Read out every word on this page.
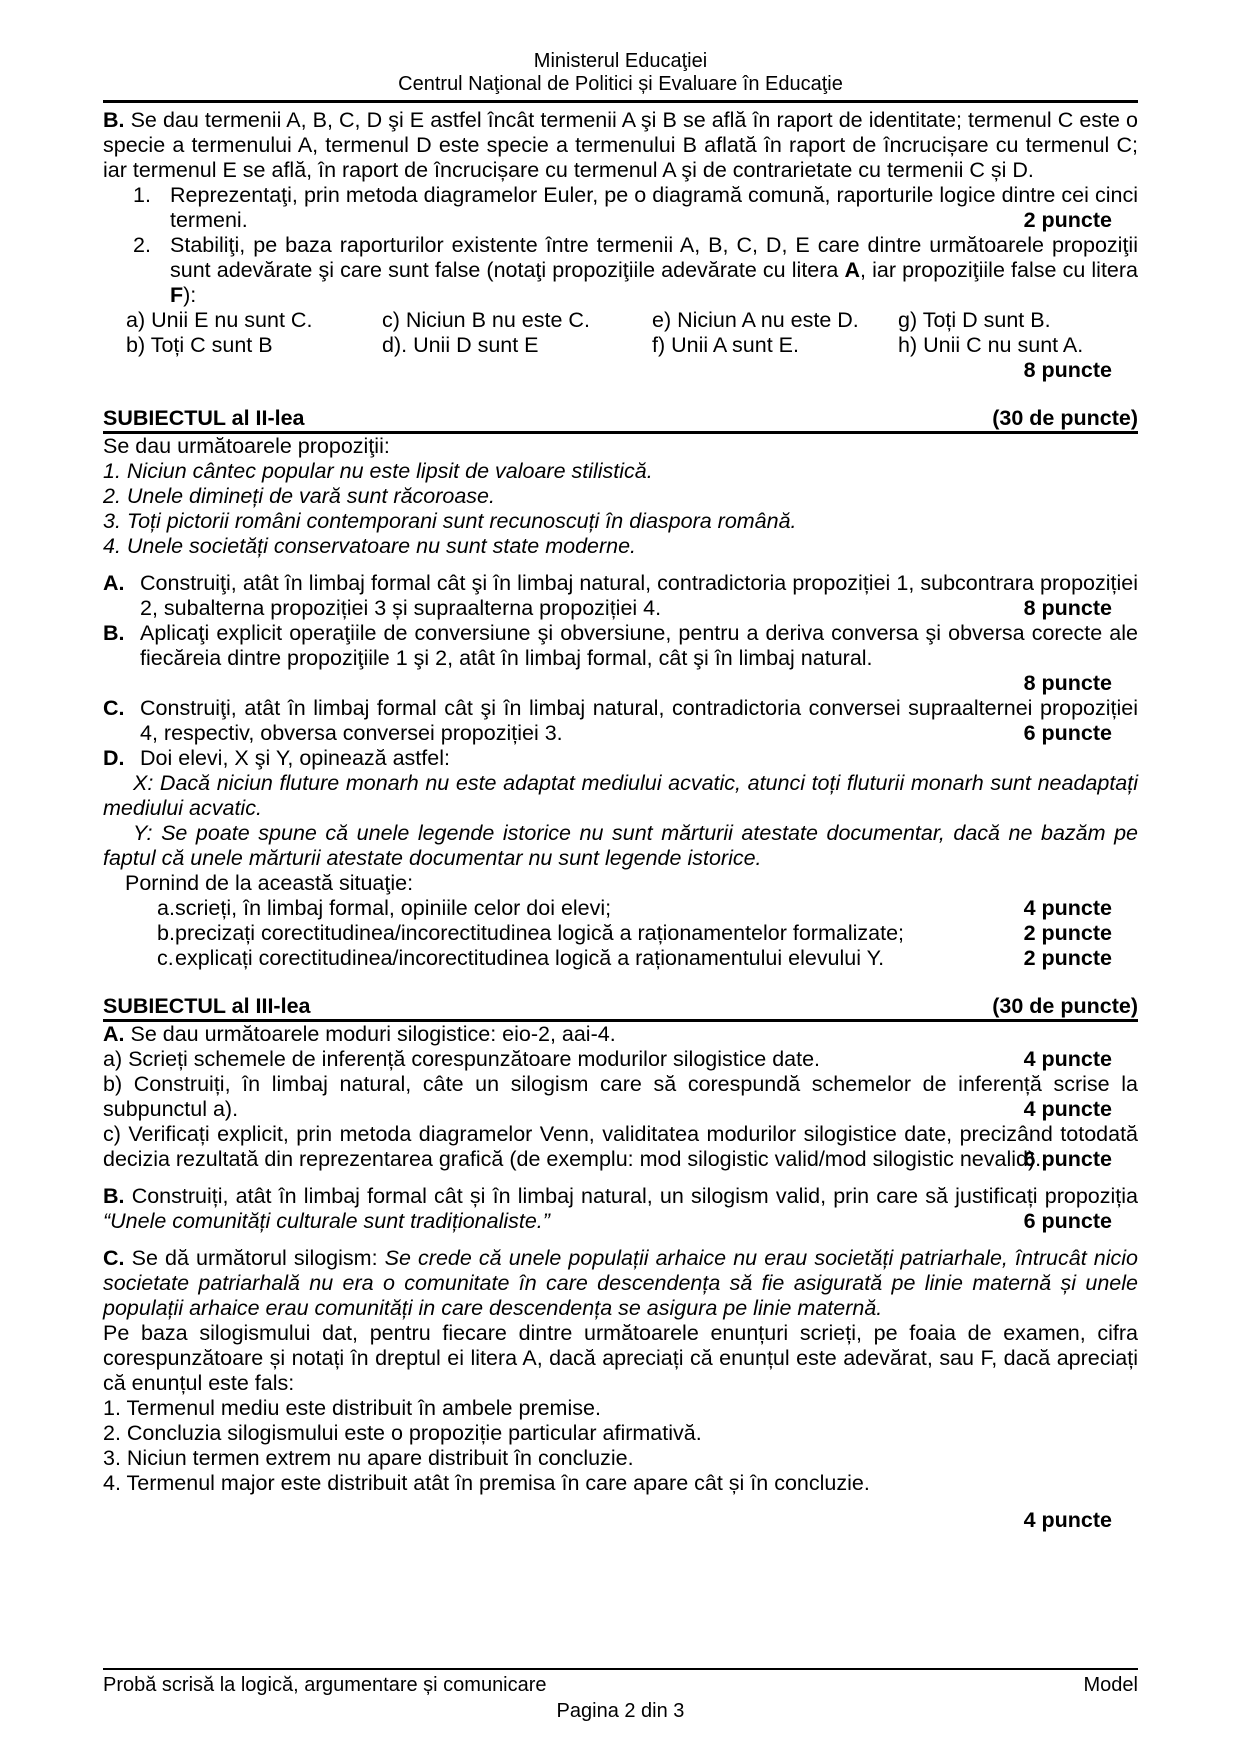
Ministerul Educaţiei
Centrul Naţional de Politici și Evaluare în Educaţie

B. Se dau termenii A, B, C, D şi E astfel încât termenii A şi B se află în raport de identitate; termenul C este o specie a termenului A, termenul D este specie a termenului B aflată în raport de încrucișare cu termenul C; iar termenul E se află, în raport de încrucișare cu termenul A şi de contrarietate cu termenii C și D.

1. Reprezentaţi, prin metoda diagramelor Euler, pe o diagramă comună, raporturile logice dintre cei cinci termeni.	2 puncte
2. Stabiliţi, pe baza raporturilor existente între termenii A, B, C, D, E care dintre următoarele propoziţii sunt adevărate şi care sunt false (notaţi propoziţiile adevărate cu litera A, iar propoziţiile false cu litera F):
a) Unii E nu sunt C.	c) Niciun B nu este C.	e) Niciun A nu este D.	g) Toți D sunt B.
b) Toți C sunt B	d). Unii D sunt E	f) Unii A sunt E.	h) Unii C nu sunt A.
8 puncte
SUBIECTUL al II-lea	(30 de puncte)

Se dau următoarele propoziţii:

1. Niciun cântec popular nu este lipsit de valoare stilistică.
2. Unele dimineți de vară sunt răcoroase.
3. Toți pictorii români contemporani sunt recunoscuți în diaspora română.
4. Unele societăți conservatoare nu sunt state moderne.
A. Construiţi, atât în limbaj formal cât şi în limbaj natural, contradictoria propoziției 1, subcontrara propoziției 2, subalterna propoziției 3 și supraalterna propoziției 4.	8 puncte
B. Aplicaţi explicit operaţiile de conversiune şi obversiune, pentru a deriva conversa şi obversa corecte ale fiecăreia dintre propoziţiile 1 şi 2, atât în limbaj formal, cât şi în limbaj natural.
8 puncte
C. Construiţi, atât în limbaj formal cât şi în limbaj natural, contradictoria conversei supraalternei propoziției 4, respectiv, obversa conversei propoziției 3.	6 puncte
D. Doi elevi, X şi Y, opinează astfel:

X: Dacă niciun fluture monarh nu este adaptat mediului acvatic, atunci toți fluturii monarh sunt neadaptați mediului acvatic.

Y: Se poate spune că unele legende istorice nu sunt mărturii atestate documentar, dacă ne bazăm pe faptul că unele mărturii atestate documentar nu sunt legende istorice.

Pornind de la această situaţie:

a. scrieți, în limbaj formal, opiniile celor doi elevi;	4 puncte
b. precizați corectitudinea/incorectitudinea logică a raționamentelor formalizate;	2 puncte
c. explicați corectitudinea/incorectitudinea logică a raționamentului elevului Y.	2 puncte
SUBIECTUL al III-lea	(30 de puncte)

A. Se dau următoarele moduri silogistice: eio-2, aai-4.

a) Scrieți schemele de inferență corespunzătoare modurilor silogistice date.	4 puncte
b) Construiți, în limbaj natural, câte un silogism care să corespundă schemelor de inferență scrise la subpunctul a).	4 puncte
c) Verificați explicit, prin metoda diagramelor Venn, validitatea modurilor silogistice date, precizând totodată decizia rezultată din reprezentarea grafică (de exemplu: mod silogistic valid/mod silogistic nevalid).
6 puncte
B. Construiți, atât în limbaj formal cât și în limbaj natural, un silogism valid, prin care să justificați propoziția “Unele comunități culturale sunt tradiționaliste.”	6 puncte
C. Se dă următorul silogism: Se crede că unele populații arhaice nu erau societăți patriarhale, întrucât nicio societate patriarhală nu era o comunitate în care descendența să fie asigurată pe linie maternă și unele populații arhaice erau comunități in care descendența se asigura pe linie maternă.

Pe baza silogismului dat, pentru fiecare dintre următoarele enunțuri scrieți, pe foaia de examen, cifra corespunzătoare și notați în dreptul ei litera A, dacă apreciați că enunțul este adevărat, sau F, dacă apreciați că enunțul este fals:

1. Termenul mediu este distribuit în ambele premise.
2. Concluzia silogismului este o propoziție particular afirmativă.
3. Niciun termen extrem nu apare distribuit în concluzie.
4. Termenul major este distribuit atât în premisa în care apare cât și în concluzie.
4 puncte
Probă scrisă la logică, argumentare și comunicare	Model
Pagina 2 din 3
